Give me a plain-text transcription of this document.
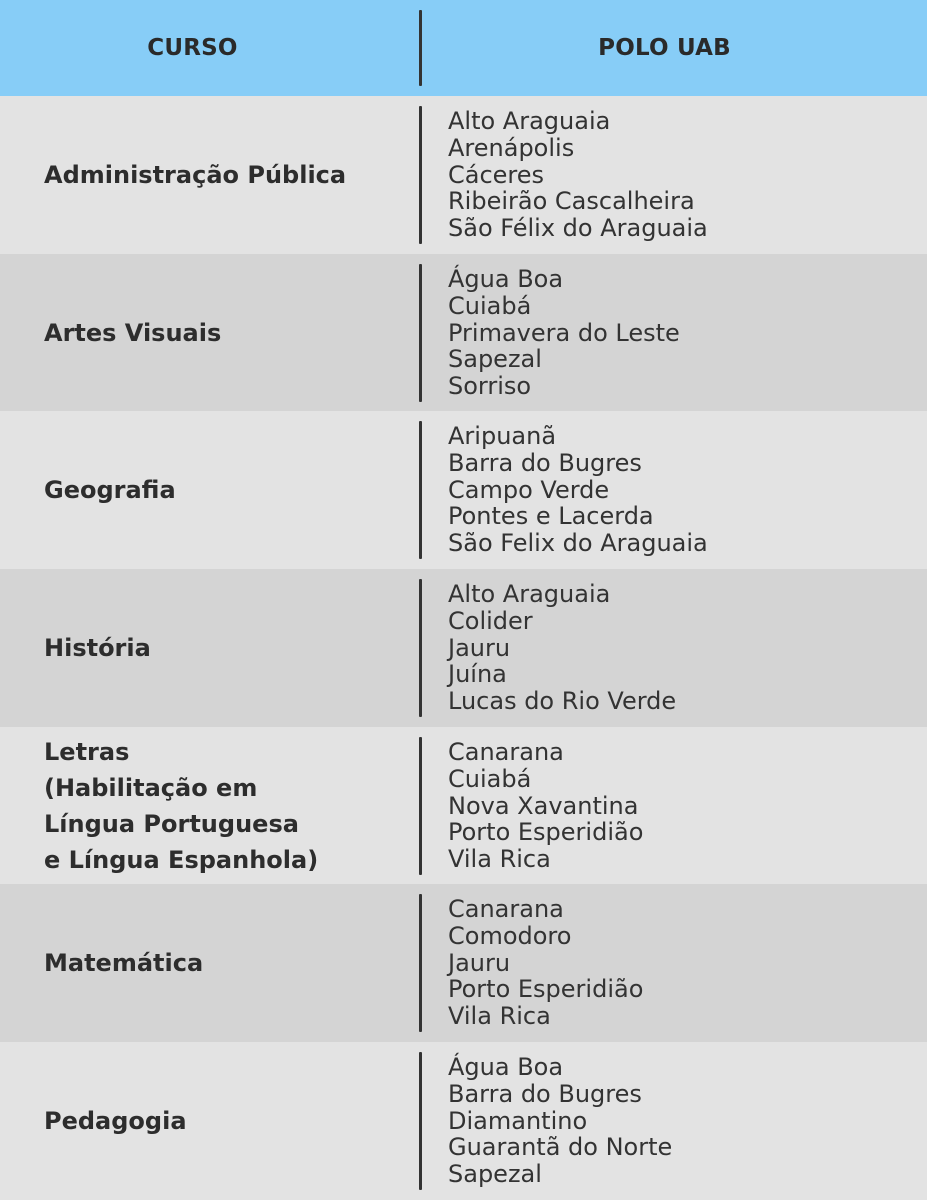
CURSO	POLO UAB
Administração Pública
Alto Araguaia
Arenápolis
Cáceres
Ribeirão Cascalheira
São Félix do Araguaia
Artes Visuais
Água Boa
Cuiabá
Primavera do Leste
Sapezal
Sorriso
Geografia
Aripuanã
Barra do Bugres
Campo Verde
Pontes e Lacerda
São Felix do Araguaia
História
Alto Araguaia
Colider
Jauru
Juína
Lucas do Rio Verde
Letras
(Habilitação em
Língua Portuguesa
e Língua Espanhola)
Canarana
Cuiabá
Nova Xavantina
Porto Esperidião
Vila Rica
Matemática
Canarana
Comodoro
Jauru
Porto Esperidião
Vila Rica
Pedagogia
Água Boa
Barra do Bugres
Diamantino
Guarantã do Norte
Sapezal
